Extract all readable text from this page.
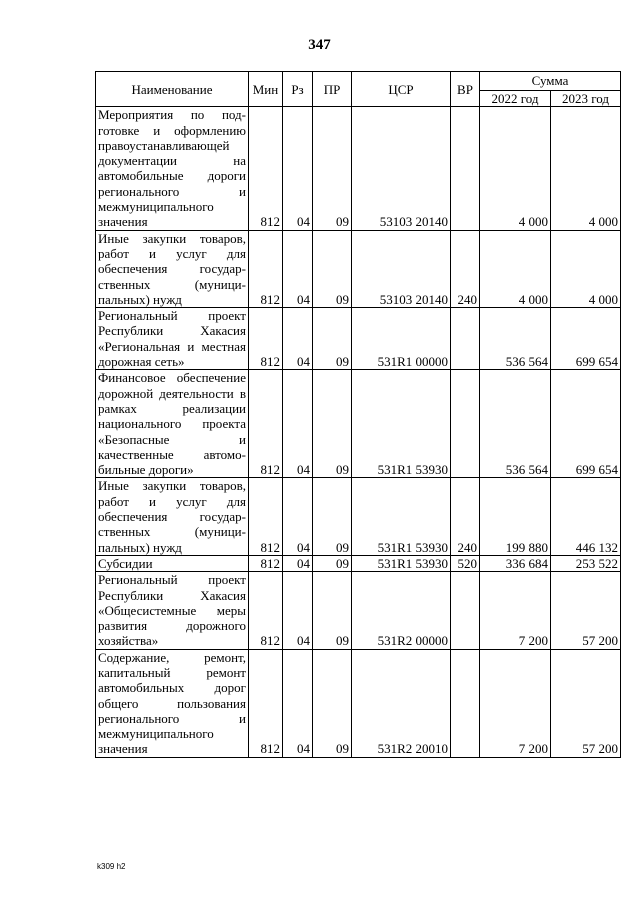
347
Наименование	Мин	Рз	ПР	ЦСР	ВР	Сумма	
						2022 год	2023 год
Мероприятия по подготовке и оформлению правоустанавливающей документации на автомобильные дороги регионального и межмуниципального значения	812	04	09	53103 20140		4 000	4 000
Иные закупки товаров, работ и услуг для обеспечения государственных (муниципальных) нужд	812	04	09	53103 20140	240	4 000	4 000
Региональный проект Республики Хакасия «Региональная и местная дорожная сеть»	812	04	09	531R1 00000		536 564	699 654
Финансовое обеспечение дорожной деятельности в рамках реализации национального проекта «Безопасные и качественные автомобильные дороги»	812	04	09	531R1 53930		536 564	699 654
Иные закупки товаров, работ и услуг для обеспечения государственных (муниципальных) нужд	812	04	09	531R1 53930	240	199 880	446 132
Субсидии	812	04	09	531R1 53930	520	336 684	253 522
Региональный проект Республики Хакасия «Общесистемные меры развития дорожного хозяйства»	812	04	09	531R2 00000		7 200	57 200
Содержание, ремонт, капитальный ремонт автомобильных дорог общего пользования регионального и межмуниципального значения	812	04	09	531R2 20010		7 200	57 200
k309 h2
